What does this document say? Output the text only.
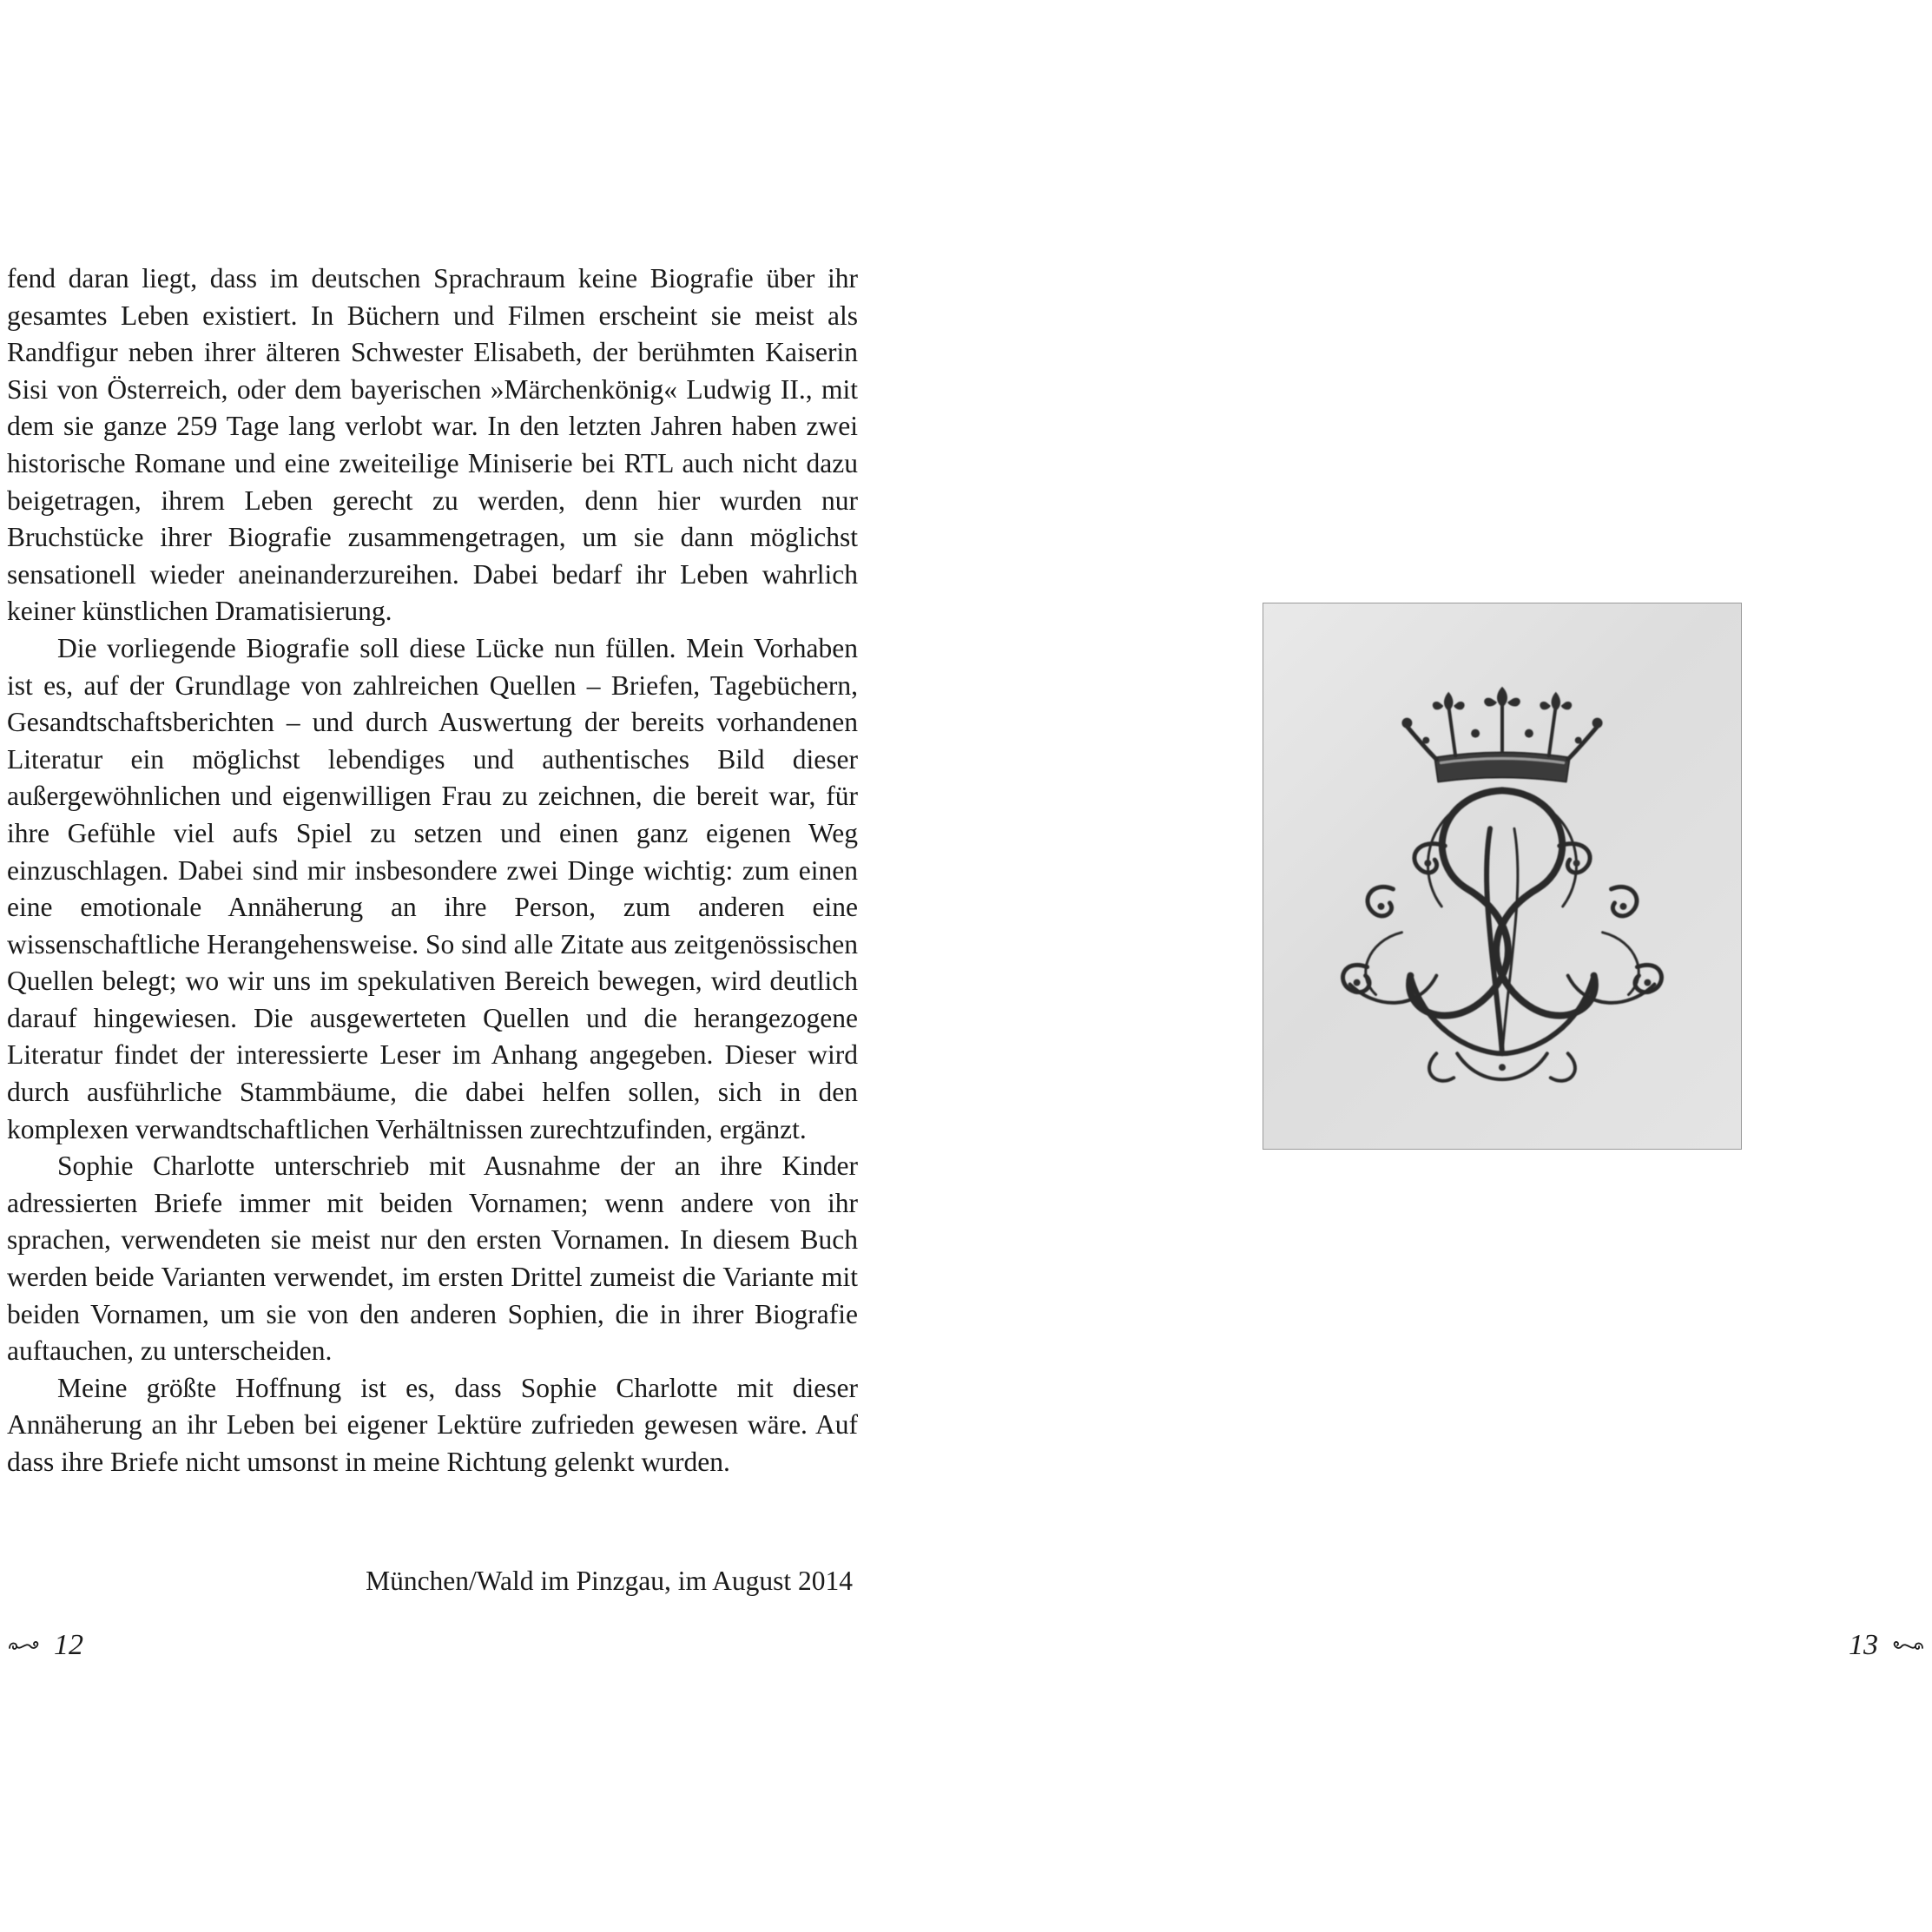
fend daran liegt, dass im deutschen Sprachraum keine Biografie über ihr gesamtes Leben existiert. In Büchern und Filmen erscheint sie meist als Randfigur neben ihrer älteren Schwester Elisabeth, der berühmten Kaiserin Sisi von Österreich, oder dem bayerischen »Märchenkönig« Ludwig II., mit dem sie ganze 259 Tage lang verlobt war. In den letzten Jahren haben zwei historische Romane und eine zweiteilige Miniserie bei RTL auch nicht dazu beigetragen, ihrem Leben gerecht zu werden, denn hier wurden nur Bruchstücke ihrer Biografie zusammengetragen, um sie dann möglichst sensationell wieder aneinanderzureihen. Dabei bedarf ihr Leben wahrlich keiner künstlichen Dramatisierung.

Die vorliegende Biografie soll diese Lücke nun füllen. Mein Vorhaben ist es, auf der Grundlage von zahlreichen Quellen – Briefen, Tagebüchern, Gesandtschaftsberichten – und durch Auswertung der bereits vorhandenen Literatur ein möglichst lebendiges und authentisches Bild dieser außergewöhnlichen und eigenwilligen Frau zu zeichnen, die bereit war, für ihre Gefühle viel aufs Spiel zu setzen und einen ganz eigenen Weg einzuschlagen. Dabei sind mir insbesondere zwei Dinge wichtig: zum einen eine emotionale Annäherung an ihre Person, zum anderen eine wissenschaftliche Herangehensweise. So sind alle Zitate aus zeitgenössischen Quellen belegt; wo wir uns im spekulativen Bereich bewegen, wird deutlich darauf hingewiesen. Die ausgewerteten Quellen und die herangezogene Literatur findet der interessierte Leser im Anhang angegeben. Dieser wird durch ausführliche Stammbäume, die dabei helfen sollen, sich in den komplexen verwandtschaftlichen Verhältnissen zurechtzufinden, ergänzt.

Sophie Charlotte unterschrieb mit Ausnahme der an ihre Kinder adressierten Briefe immer mit beiden Vornamen; wenn andere von ihr sprachen, verwendeten sie meist nur den ersten Vornamen. In diesem Buch werden beide Varianten verwendet, im ersten Drittel zumeist die Variante mit beiden Vornamen, um sie von den anderen Sophien, die in ihrer Biografie auftauchen, zu unterscheiden.

Meine größte Hoffnung ist es, dass Sophie Charlotte mit dieser Annäherung an ihr Leben bei eigener Lektüre zufrieden gewesen wäre. Auf dass ihre Briefe nicht umsonst in meine Richtung gelenkt wurden.

München/Wald im Pinzgau, im August 2014
12	13
